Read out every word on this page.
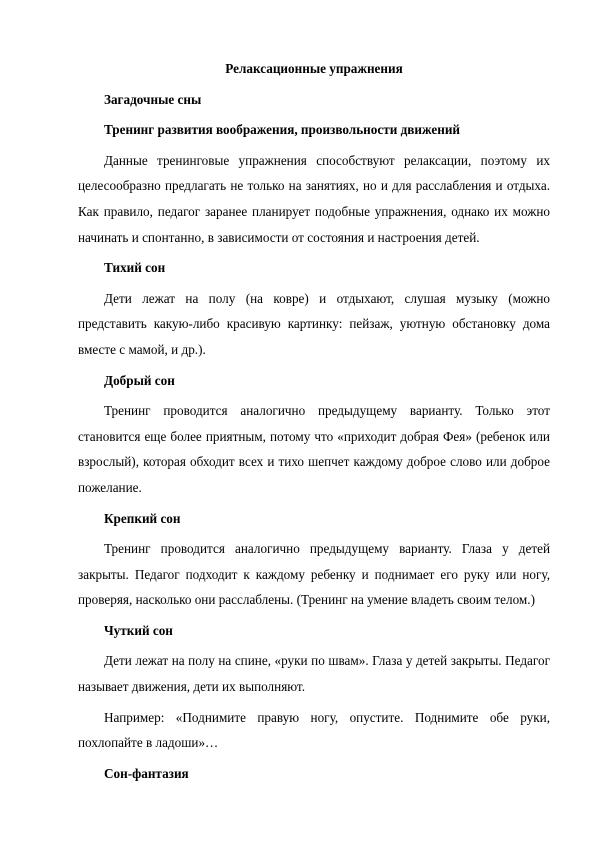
Релаксационные упражнения
Загадочные сны
Тренинг развития воображения, произвольности движений
Данные тренинговые упражнения способствуют релаксации, поэтому их целесообразно предлагать не только на занятиях, но и для расслабления и отдыха. Как правило, педагог заранее планирует подобные упражнения, однако их можно начинать и спонтанно, в зависимости от состояния и настроения детей.
Тихий сон
Дети лежат на полу (на ковре) и отдыхают, слушая музыку (можно представить какую-либо красивую картинку: пейзаж, уютную обстановку дома вместе с мамой, и др.).
Добрый сон
Тренинг проводится аналогично предыдущему варианту. Только этот становится еще более приятным, потому что «приходит добрая Фея» (ребенок или взрослый), которая обходит всех и тихо шепчет каждому доброе слово или доброе пожелание.
Крепкий сон
Тренинг проводится аналогично предыдущему варианту. Глаза у детей закрыты. Педагог подходит к каждому ребенку и поднимает его руку или ногу, проверяя, насколько они расслаблены. (Тренинг на умение владеть своим телом.)
Чуткий сон
Дети лежат на полу на спине, «руки по швам». Глаза у детей закрыты. Педагог называет движения, дети их выполняют.
Например: «Поднимите правую ногу, опустите. Поднимите обе руки, похлопайте в ладоши»…
Сон-фантазия
